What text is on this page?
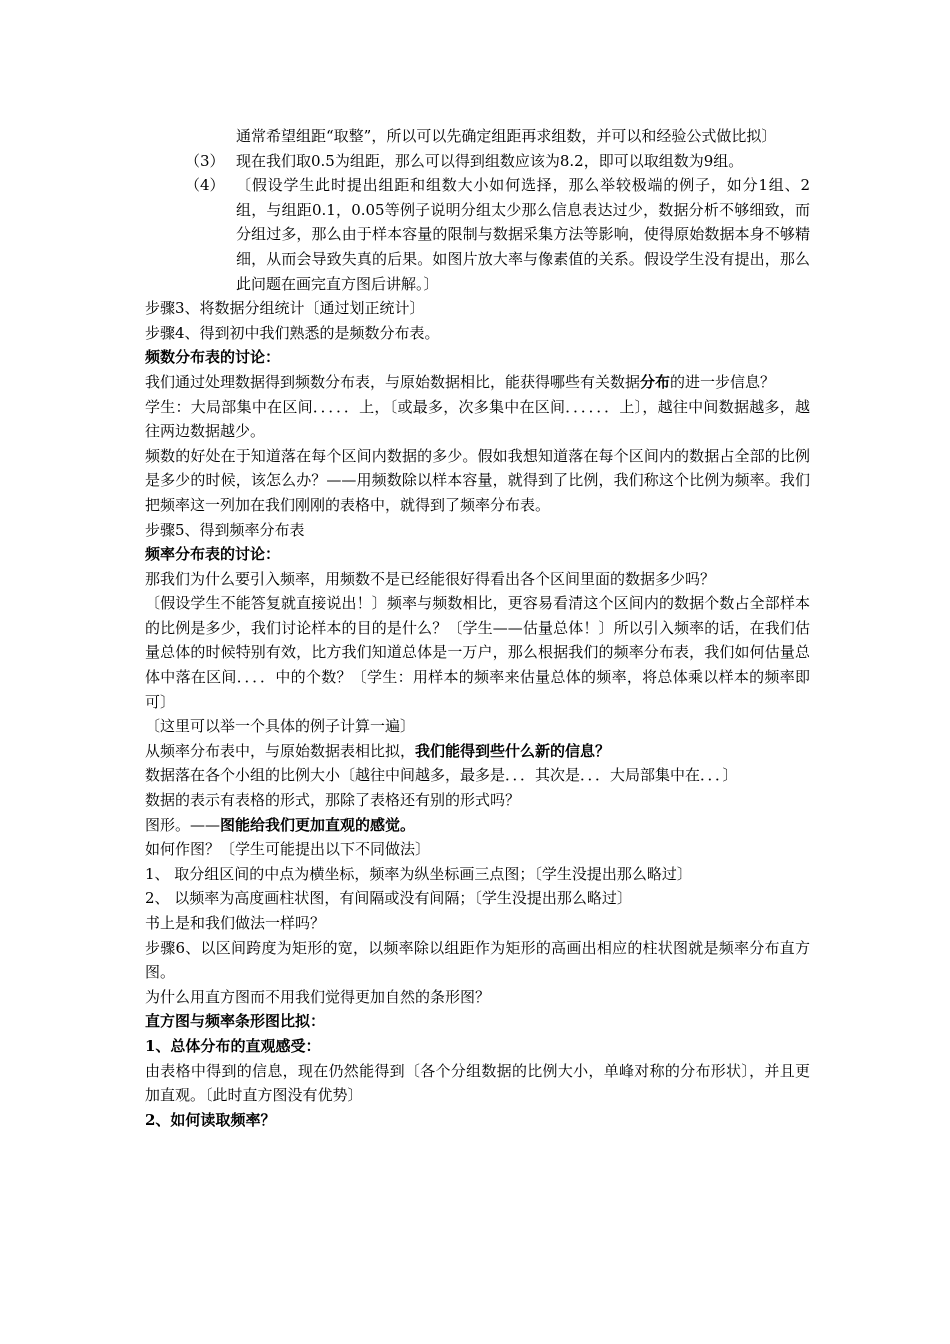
通常希望组距“取整”，所以可以先确定组距再求组数，并可以和经验公式做比拟〕

（3） 现在我们取0.5为组距，那么可以得到组数应该为8.2，即可以取组数为9组。
（4） 〔假设学生此时提出组距和组数大小如何选择，那么举较极端的例子，如分1组、2组，与组距0.1，0.05等例子说明分组太少那么信息表达过少，数据分析不够细致，而分组过多，那么由于样本容量的限制与数据采集方法等影响，使得原始数据本身不够精细，从而会导致失真的后果。如图片放大率与像素值的关系。假设学生没有提出，那么此问题在画完直方图后讲解。〕

步骤3、将数据分组统计〔通过划正统计〕

步骤4、得到初中我们熟悉的是频数分布表。

频数分布表的讨论：

我们通过处理数据得到频数分布表，与原始数据相比，能获得哪些有关数据分布的进一步信息？

学生：大局部集中在区间．．．．．上，〔或最多，次多集中在区间．．．．．．上〕，越往中间数据越多，越往两边数据越少。

频数的好处在于知道落在每个区间内数据的多少。假如我想知道落在每个区间内的数据占全部的比例是多少的时候，该怎么办？——用频数除以样本容量，就得到了比例，我们称这个比例为频率。我们把频率这一列加在我们刚刚的表格中，就得到了频率分布表。

步骤5、得到频率分布表

频率分布表的讨论：

那我们为什么要引入频率，用频数不是已经能很好得看出各个区间里面的数据多少吗？

〔假设学生不能答复就直接说出！〕频率与频数相比，更容易看清这个区间内的数据个数占全部样本的比例是多少，我们讨论样本的目的是什么？〔学生——估量总体！〕所以引入频率的话，在我们估量总体的时候特别有效，比方我们知道总体是一万户，那么根据我们的频率分布表，我们如何估量总体中落在区间．．．．中的个数？〔学生：用样本的频率来估量总体的频率，将总体乘以样本的频率即可〕

〔这里可以举一个具体的例子计算一遍〕

从频率分布表中，与原始数据表相比拟，我们能得到些什么新的信息？

数据落在各个小组的比例大小〔越往中间越多，最多是．．．其次是．．．大局部集中在．．．〕

数据的表示有表格的形式，那除了表格还有别的形式吗？

图形。——图能给我们更加直观的感觉。

如何作图？〔学生可能提出以下不同做法〕

1、 取分组区间的中点为横坐标，频率为纵坐标画三点图；〔学生没提出那么略过〕

2、 以频率为高度画柱状图，有间隔或没有间隔；〔学生没提出那么略过〕

书上是和我们做法一样吗？

步骤6、以区间跨度为矩形的宽，以频率除以组距作为矩形的高画出相应的柱状图就是频率分布直方图。

为什么用直方图而不用我们觉得更加自然的条形图？

直方图与频率条形图比拟：

1、总体分布的直观感受：

由表格中得到的信息，现在仍然能得到〔各个分组数据的比例大小，单峰对称的分布形状〕，并且更加直观。〔此时直方图没有优势〕

2、如何读取频率？
